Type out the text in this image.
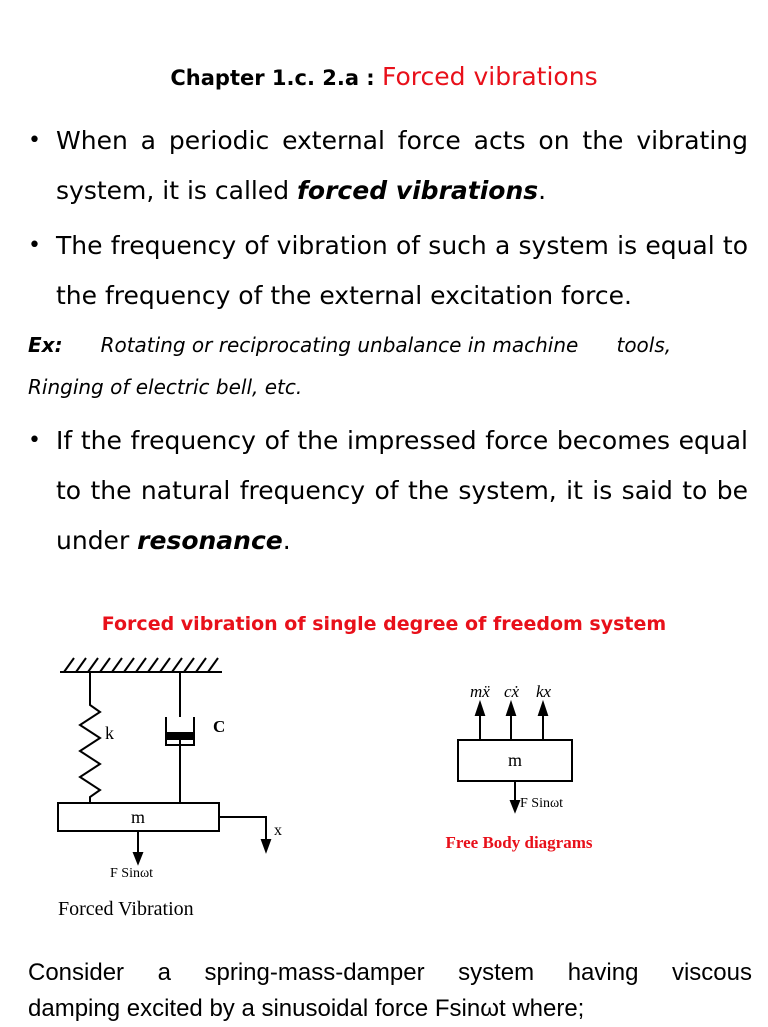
Chapter 1.c. 2.a : Forced vibrations
• When a periodic external force acts on the vibrating system, it is called forced vibrations.
• The frequency of vibration of such a system is equal to the frequency of the external excitation force.
Ex: Rotating or reciprocating unbalance in machine      tools,
Ringing of electric bell, etc.
• If the frequency of the impressed force becomes equal to the natural frequency of the system, it is said to be under resonance.
Forced vibration of single degree of freedom system
k	C
m
x
F Sinωt
Forced Vibration
mẍ cẋ kx
m
F Sinωt
Free Body diagrams
Consider a spring-mass-damper system having viscous
damping excited by a sinusoidal force Fsinωt where;
